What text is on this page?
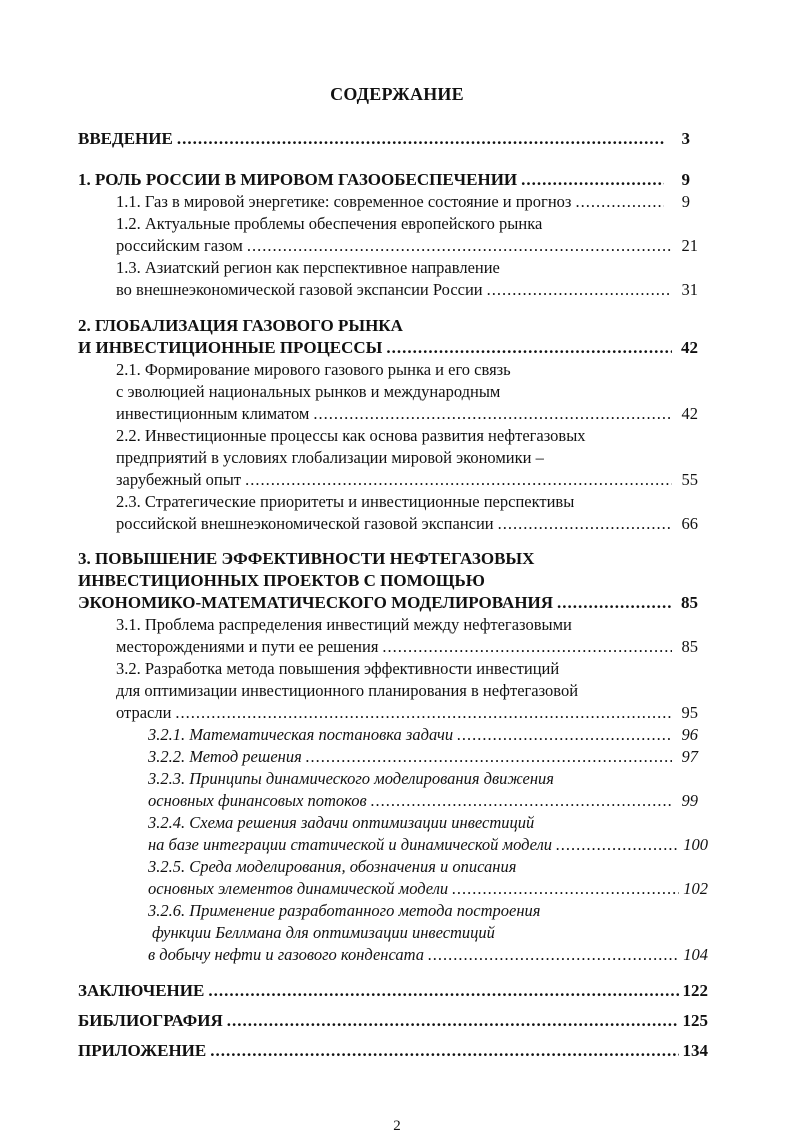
СОДЕРЖАНИЕ
ВВЕДЕНИЕ .....	3
1. РОЛЬ РОССИИ В МИРОВОМ ГАЗООБЕСПЕЧЕНИИ .....	9
1.1. Газ в мировой энергетике: современное состояние и прогноз .....	9
1.2. Актуальные проблемы обеспечения европейского рынка
российским газом .....	21
1.3. Азиатский регион как перспективное направление
во внешнеэкономической газовой экспансии России .....	31
2. ГЛОБАЛИЗАЦИЯ ГАЗОВОГО РЫНКА
И ИНВЕСТИЦИОННЫЕ ПРОЦЕССЫ .....	42
2.1. Формирование мирового газового рынка и его связь
с эволюцией национальных рынков и международным
инвестиционным климатом .....	42
2.2. Инвестиционные процессы как основа развития нефтегазовых
предприятий в условиях глобализации мировой экономики –
зарубежный опыт .....	55
2.3. Стратегические приоритеты и инвестиционные перспективы
российской внешнеэкономической газовой экспансии .....	66
3. ПОВЫШЕНИЕ ЭФФЕКТИВНОСТИ НЕФТЕГАЗОВЫХ
ИНВЕСТИЦИОННЫХ ПРОЕКТОВ С ПОМОЩЬЮ
ЭКОНОМИКО-МАТЕМАТИЧЕСКОГО МОДЕЛИРОВАНИЯ .....	85
3.1. Проблема распределения инвестиций между нефтегазовыми
месторождениями и пути ее решения .....	85
3.2. Разработка метода повышения эффективности инвестиций
для оптимизации инвестиционного планирования в нефтегазовой
отрасли .....	95
3.2.1. Математическая постановка задачи .....	96
3.2.2. Метод решения .....	97
3.2.3. Принципы динамического моделирования движения
основных финансовых потоков .....	99
3.2.4. Схема решения задачи оптимизации инвестиций
на базе интеграции статической и динамической модели .....	100
3.2.5. Среда моделирования, обозначения и описания
основных элементов динамической модели .....	102
3.2.6. Применение разработанного метода построения
функции Беллмана для оптимизации инвестиций
в добычу нефти и газового конденсата .....	104
ЗАКЛЮЧЕНИЕ .....	122
БИБЛИОГРАФИЯ .....	125
ПРИЛОЖЕНИЕ .....	134
2
